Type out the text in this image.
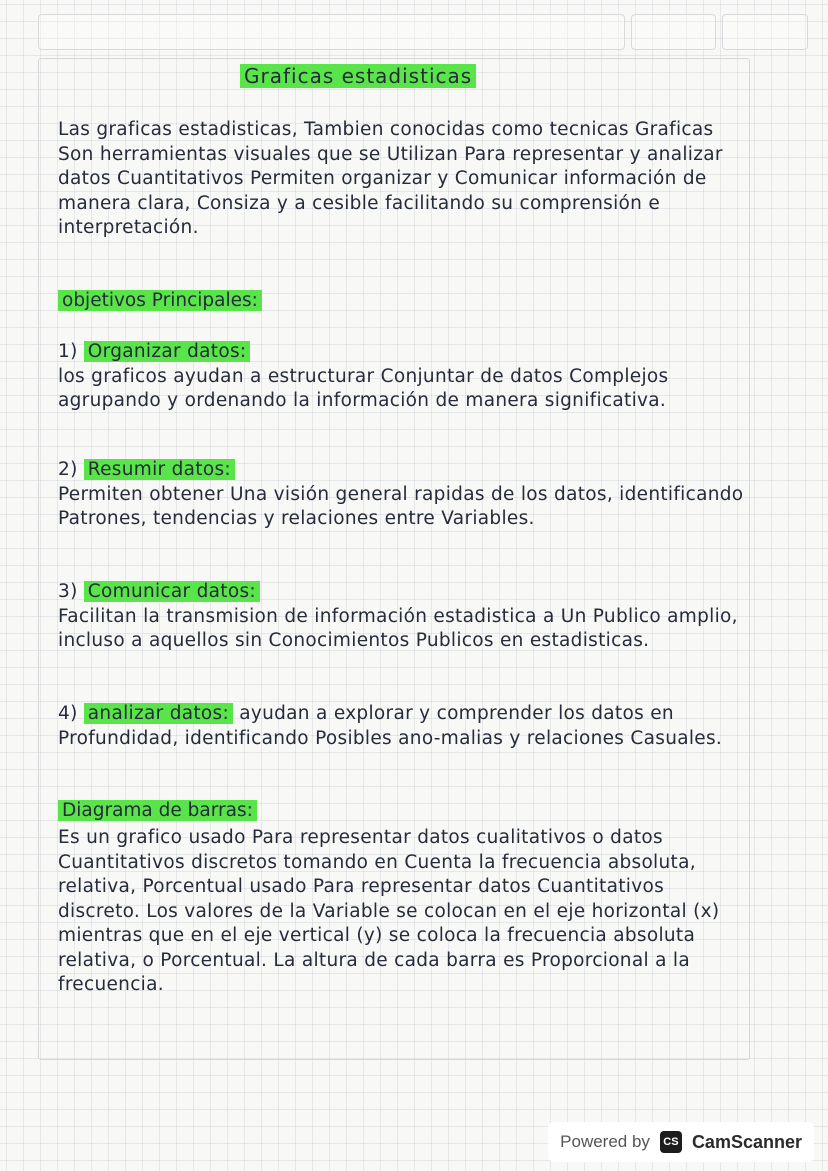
Graficas estadisticas
Las graficas estadisticas, Tambien conocidas como tecnicas Graficas Son herramientas visuales que se Utilizan Para representar y analizar datos Cuantitativos Permiten organizar y Comunicar información de manera clara, Consiza y a cesible facilitando su comprensión e interpretación.
objetivos Principales:
1) Organizar datos:
los graficos ayudan a estructurar Conjuntar de datos Complejos agrupando y ordenando la información de manera significativa.
2) Resumir datos:
Permiten obtener Una visión general rapidas de los datos, identificando Patrones, tendencias y relaciones entre Variables.
3) Comunicar datos:
Facilitan la transmision de información estadistica a Un Publico amplio, incluso a aquellos sin Conocimientos Publicos en estadisticas.
4) analizar datos: ayudan a explorar y comprender los datos en Profundidad, identificando Posibles ano-malias y relaciones Casuales.
Diagrama de barras:
Es un grafico usado Para representar datos cualitativos o datos Cuantitativos discretos tomando en Cuenta la frecuencia absoluta, relativa, Porcentual usado Para representar datos Cuantitativos discreto. Los valores de la Variable se colocan en el eje horizontal (x) mientras que en el eje vertical (y) se coloca la frecuencia absoluta relativa, o Porcentual. La altura de cada barra es Proporcional a la frecuencia.
Powered by	CS CamScanner
